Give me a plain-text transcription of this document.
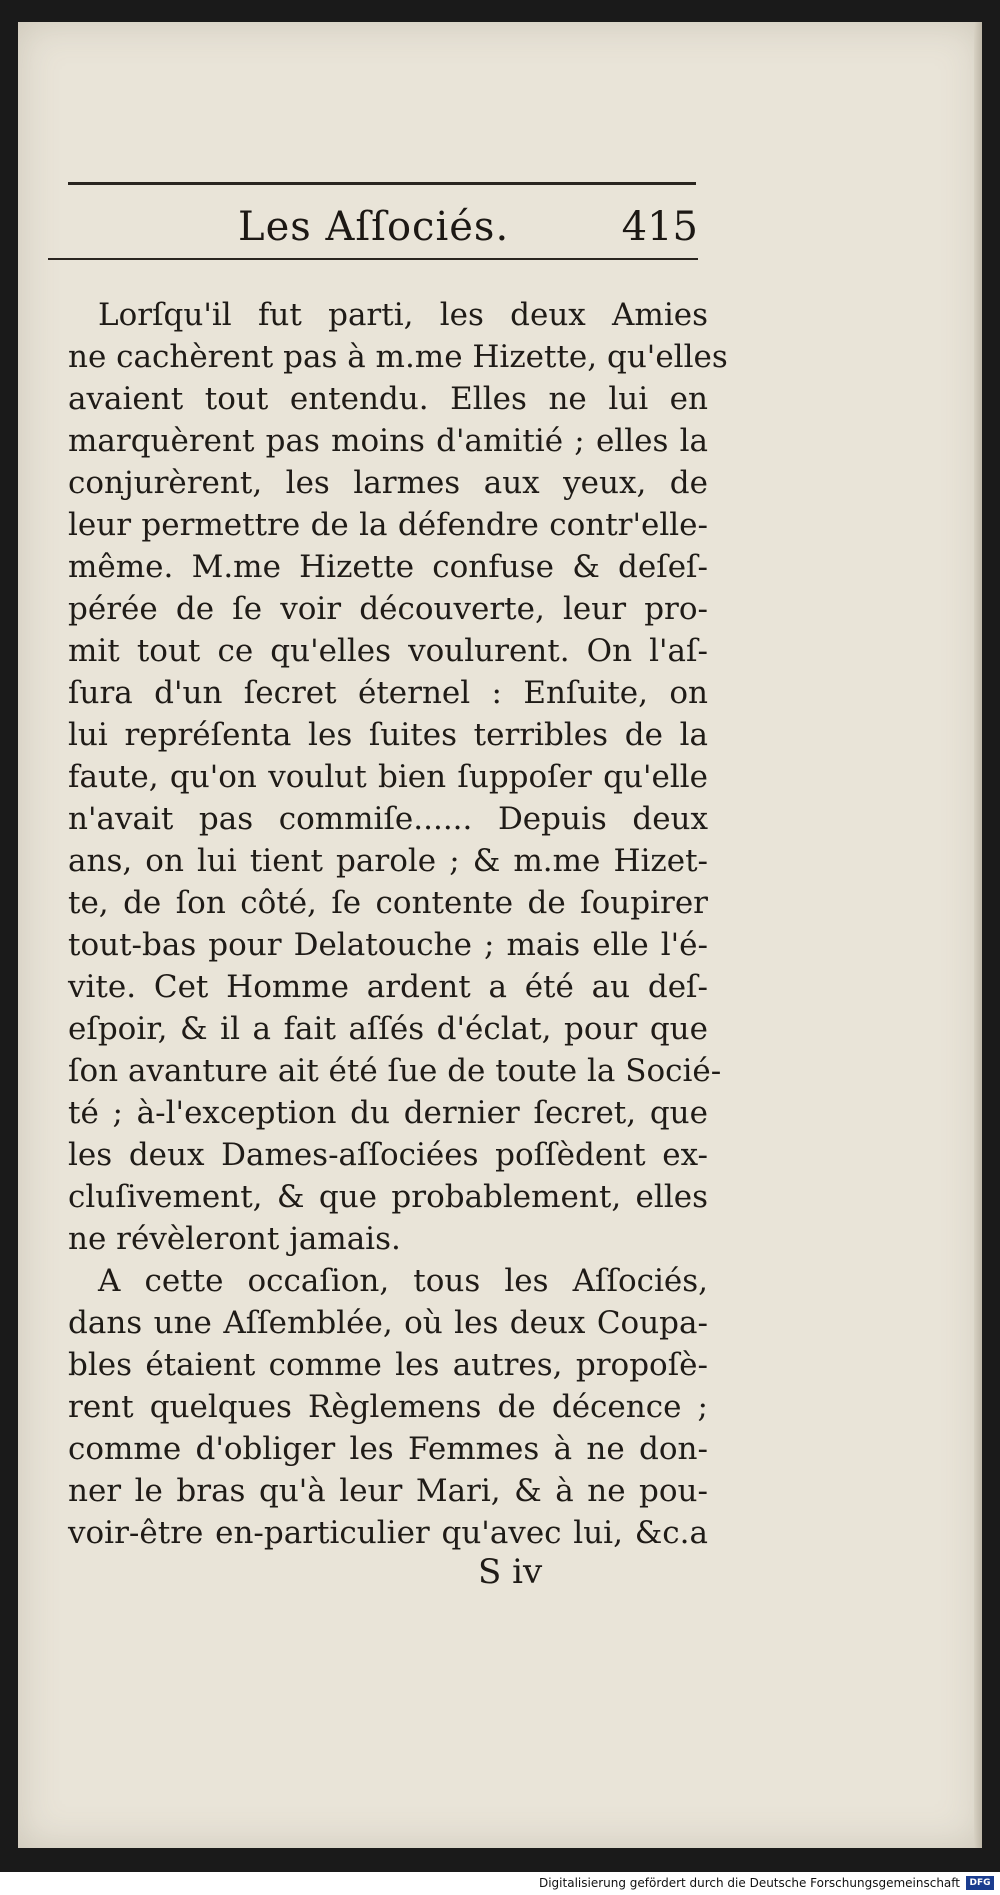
Les Aſſociés.	415
Lorſqu'il fut parti, les deux Amies
ne cachèrent pas à m.me Hizette, qu'elles
avaient tout entendu. Elles ne lui en
marquèrent pas moins d'amitié ; elles la
conjurèrent, les larmes aux yeux, de
leur permettre de la défendre contr'elle-
même. M.me Hizette confuse & deſeſ-
pérée de ſe voir découverte, leur pro-
mit tout ce qu'elles voulurent. On l'aſ-
ſura d'un ſecret éternel : Enſuite, on
lui repréſenta les ſuites terribles de la
faute, qu'on voulut bien ſuppoſer qu'elle
n'avait pas commiſe...... Depuis deux
ans, on lui tient parole ; & m.me Hizet-
te, de ſon côté, ſe contente de ſoupirer
tout-bas pour Delatouche ; mais elle l'é-
vite. Cet Homme ardent a été au deſ-
eſpoir, & il a fait aſſés d'éclat, pour que
ſon avanture ait été ſue de toute la Socié-
té ; à-l'exception du dernier ſecret, que
les deux Dames-aſſociées poſſèdent ex-
cluſivement, & que probablement, elles
ne révèleront jamais.
A cette occaſion, tous les Aſſociés,
dans une Aſſemblée, où les deux Coupa-
bles étaient comme les autres, propoſè-
rent quelques Règlemens de décence ;
comme d'obliger les Femmes à ne don-
ner le bras qu'à leur Mari, & à ne pou-
voir-être en-particulier qu'avec lui, &c.a
S iv
Digitalisierung gefördert durch die Deutsche Forschungsgemeinschaft	DFG
